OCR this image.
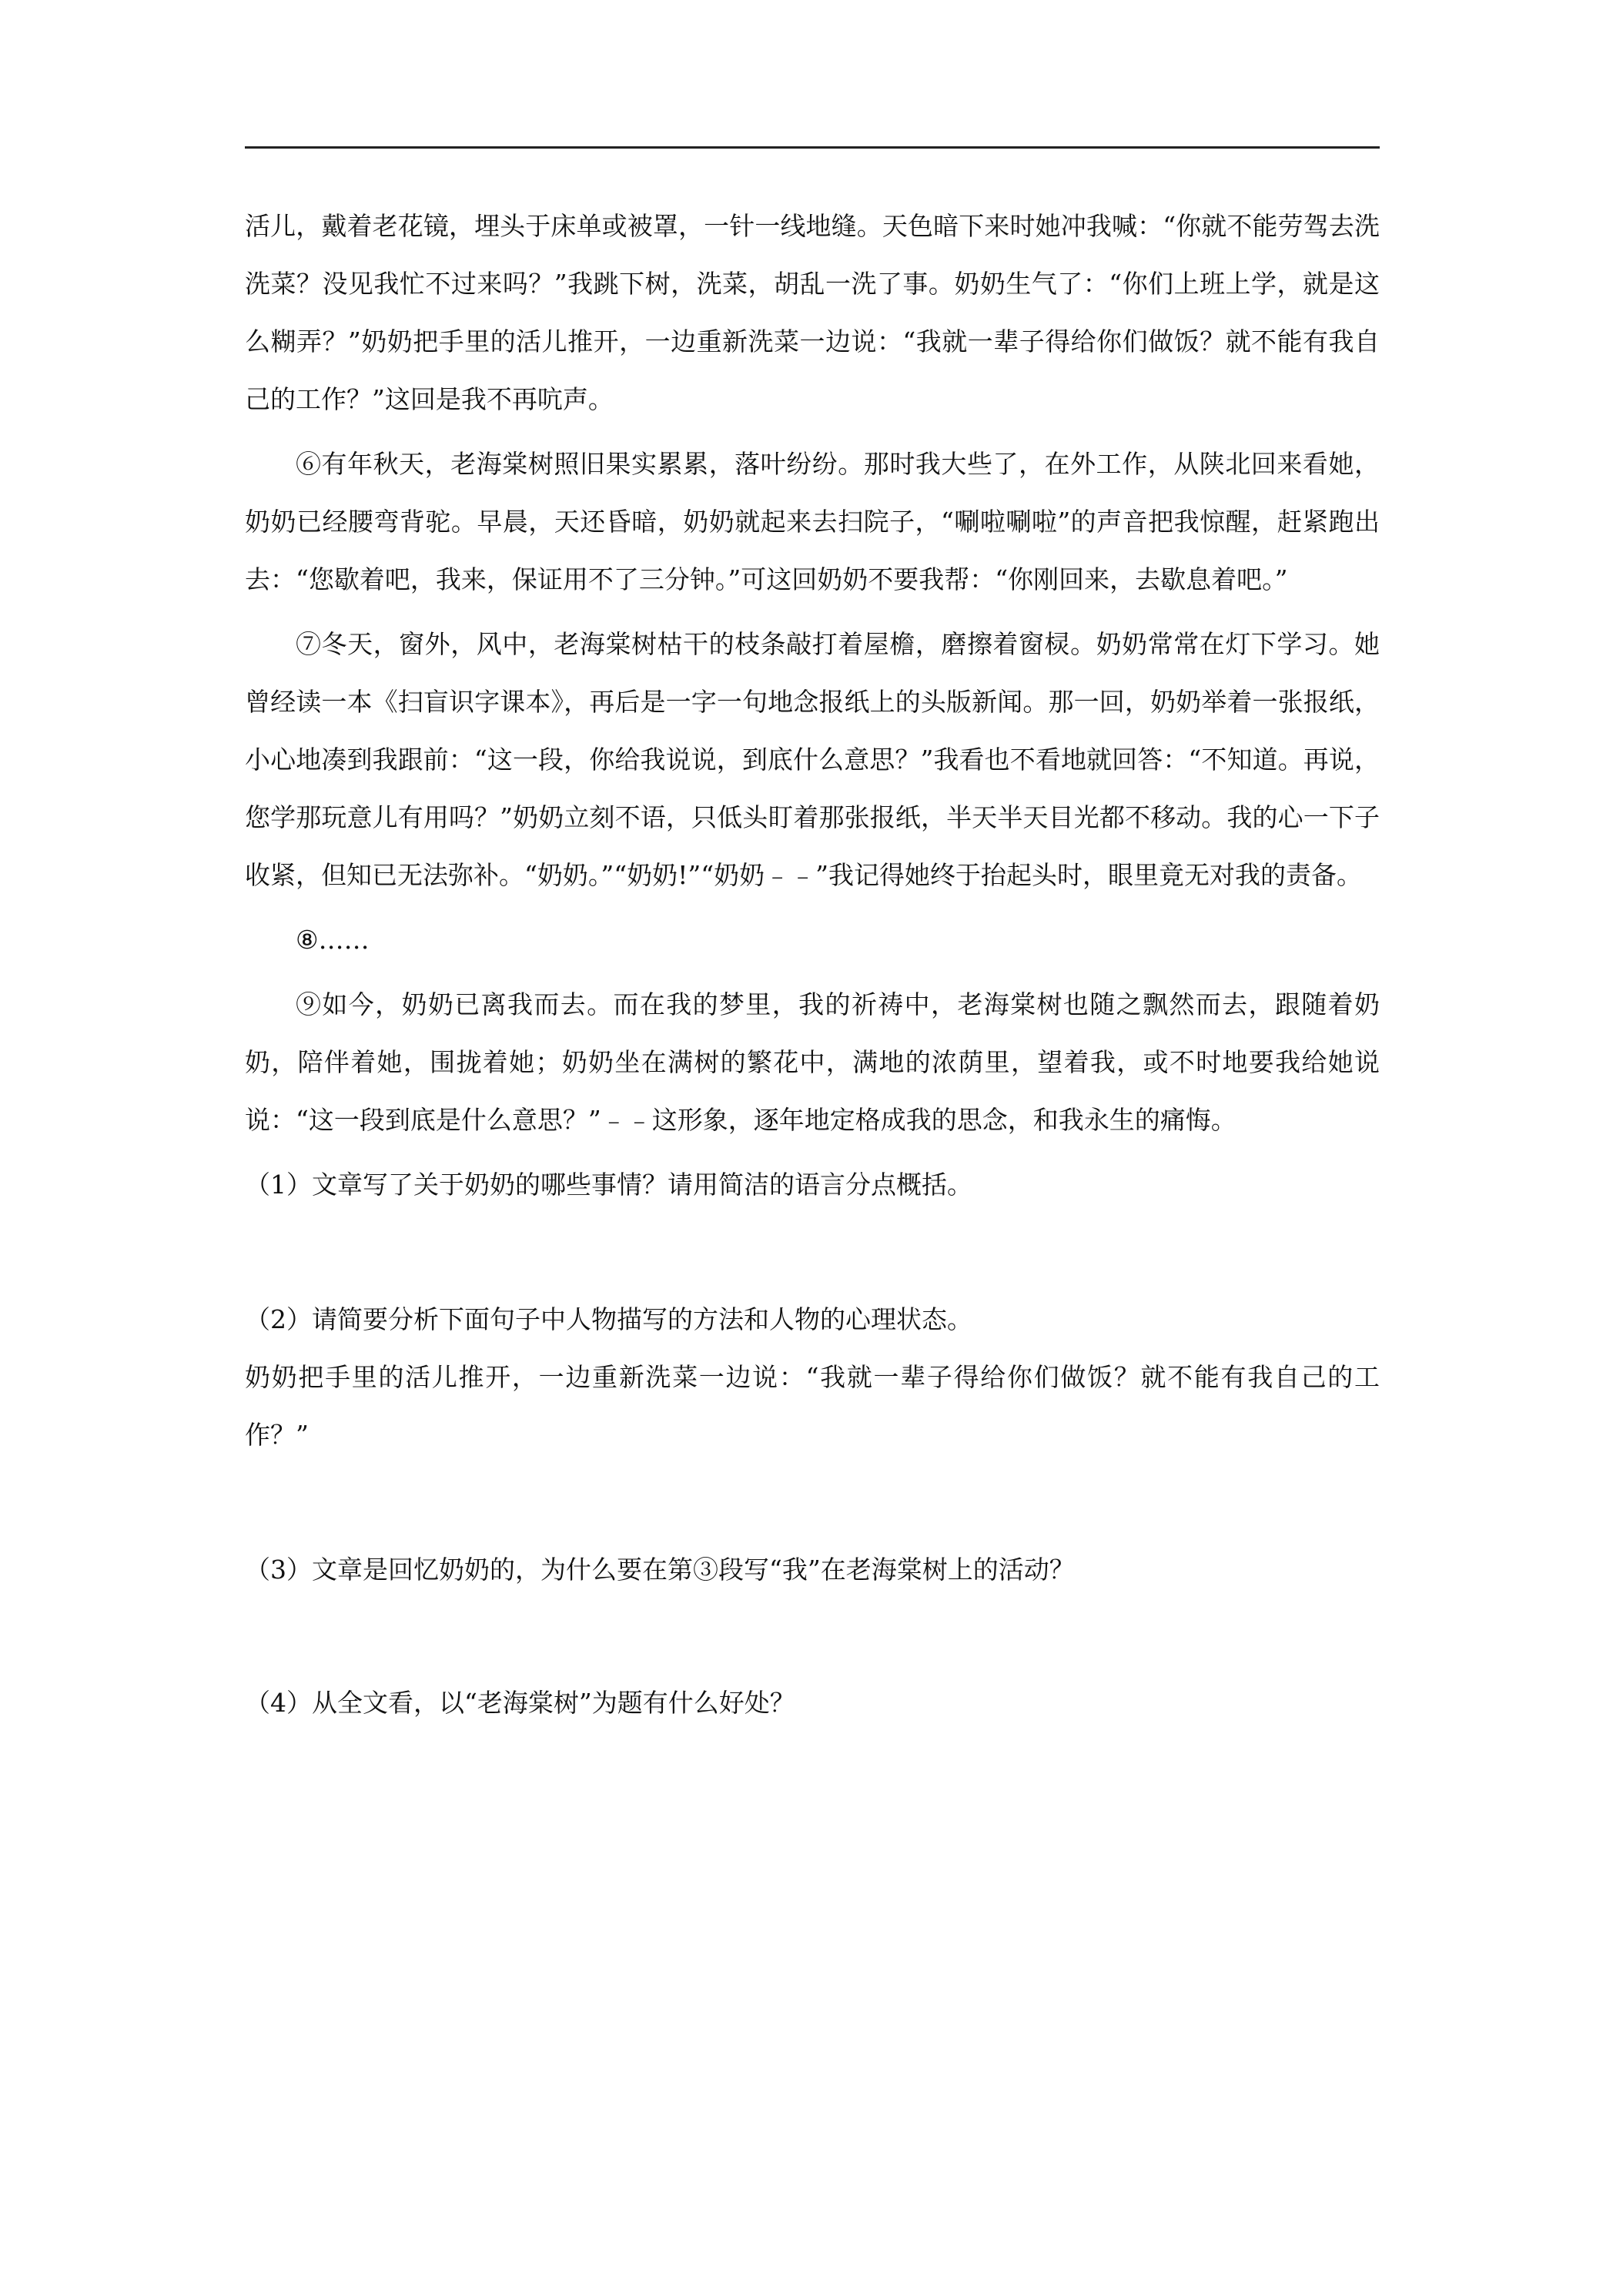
活儿，戴着老花镜，埋头于床单或被罩，一针一线地缝。天色暗下来时她冲我喊：“你就不能劳驾去洗洗菜？没见我忙不过来吗？”我跳下树，洗菜，胡乱一洗了事。奶奶生气了：“你们上班上学，就是这么糊弄？”奶奶把手里的活儿推开，一边重新洗菜一边说：“我就一辈子得给你们做饭？就不能有我自己的工作？”这回是我不再吭声。

⑥有年秋天，老海棠树照旧果实累累，落叶纷纷。那时我大些了，在外工作，从陕北回来看她，奶奶已经腰弯背驼。早晨，天还昏暗，奶奶就起来去扫院子，“唰啦唰啦”的声音把我惊醒，赶紧跑出去：“您歇着吧，我来，保证用不了三分钟。”可这回奶奶不要我帮：“你刚回来，去歇息着吧。”

⑦冬天，窗外，风中，老海棠树枯干的枝条敲打着屋檐，磨擦着窗棂。奶奶常常在灯下学习。她曾经读一本《扫盲识字课本》，再后是一字一句地念报纸上的头版新闻。那一回，奶奶举着一张报纸，小心地凑到我跟前：“这一段，你给我说说，到底什么意思？”我看也不看地就回答：“不知道。再说，您学那玩意儿有用吗？”奶奶立刻不语，只低头盯着那张报纸，半天半天目光都不移动。我的心一下子收紧，但知已无法弥补。“奶奶。”“奶奶!”“奶奶﹣﹣”我记得她终于抬起头时，眼里竟无对我的责备。

⑧……

⑨如今，奶奶已离我而去。而在我的梦里，我的祈祷中，老海棠树也随之飘然而去，跟随着奶奶，陪伴着她，围拢着她；奶奶坐在满树的繁花中，满地的浓荫里，望着我，或不时地要我给她说说：“这一段到底是什么意思？”﹣﹣这形象，逐年地定格成我的思念，和我永生的痛悔。

（1）文章写了关于奶奶的哪些事情？请用简洁的语言分点概括。

（2）请简要分析下面句子中人物描写的方法和人物的心理状态。

奶奶把手里的活儿推开，一边重新洗菜一边说：“我就一辈子得给你们做饭？就不能有我自己的工作？”

（3）文章是回忆奶奶的，为什么要在第③段写“我”在老海棠树上的活动？

（4）从全文看，以“老海棠树”为题有什么好处？
